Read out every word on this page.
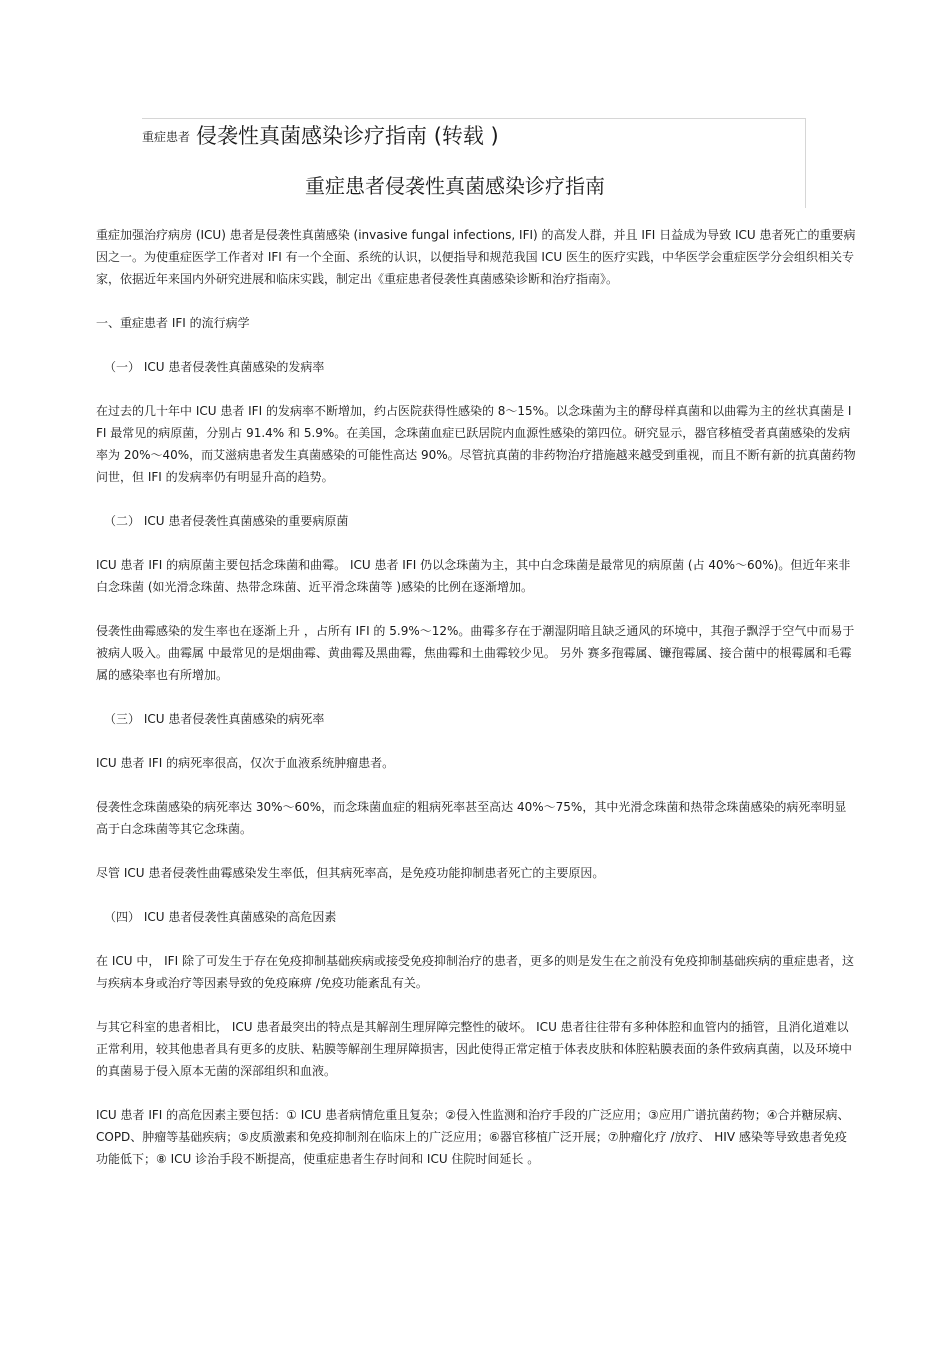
重症患者 侵袭性真菌感染诊疗指南 (转载 )
重症患者侵袭性真菌感染诊疗指南
重症加强治疗病房 (ICU) 患者是侵袭性真菌感染 (invasive fungal infections, IFI) 的高发人群，并且 IFI 日益成为导致 ICU 患者死亡的重要病因之一。为使重症医学工作者对 IFI 有一个全面、系统的认识，以便指导和规范我国 ICU 医生的医疗实践，中华医学会重症医学分会组织相关专家，依据近年来国内外研究进展和临床实践，制定出《重症患者侵袭性真菌感染诊断和治疗指南》。
一、重症患者 IFI 的流行病学
（一） ICU 患者侵袭性真菌感染的发病率
在过去的几十年中 ICU 患者 IFI 的发病率不断增加，约占医院获得性感染的 8～15%。以念珠菌为主的酵母样真菌和以曲霉为主的丝状真菌是 IFI 最常见的病原菌，分别占 91.4% 和 5.9%。在美国，念珠菌血症已跃居院内血源性感染的第四位。研究显示，器官移植受者真菌感染的发病率为 20%～40%，而艾滋病患者发生真菌感染的可能性高达 90%。尽管抗真菌的非药物治疗措施越来越受到重视，而且不断有新的抗真菌药物问世，但 IFI 的发病率仍有明显升高的趋势。
（二） ICU 患者侵袭性真菌感染的重要病原菌
ICU 患者 IFI 的病原菌主要包括念珠菌和曲霉。 ICU 患者 IFI 仍以念珠菌为主，其中白念珠菌是最常见的病原菌 (占 40%～60%)。但近年来非白念珠菌 (如光滑念珠菌、热带念珠菌、近平滑念珠菌等 )感染的比例在逐渐增加。
侵袭性曲霉感染的发生率也在逐渐上升 ，占所有 IFI 的 5.9%～12%。曲霉多存在于潮湿阴暗且缺乏通风的环境中，其孢子飘浮于空气中而易于被病人吸入。曲霉属 中最常见的是烟曲霉、黄曲霉及黑曲霉，焦曲霉和土曲霉较少见。 另外 赛多孢霉属、镰孢霉属、接合菌中的根霉属和毛霉属的感染率也有所增加。
（三） ICU 患者侵袭性真菌感染的病死率
ICU 患者 IFI 的病死率很高，仅次于血液系统肿瘤患者。
侵袭性念珠菌感染的病死率达 30%～60%，而念珠菌血症的粗病死率甚至高达 40%～75%，其中光滑念珠菌和热带念珠菌感染的病死率明显高于白念珠菌等其它念珠菌。
尽管 ICU 患者侵袭性曲霉感染发生率低，但其病死率高，是免疫功能抑制患者死亡的主要原因。
（四） ICU 患者侵袭性真菌感染的高危因素
在 ICU 中， IFI 除了可发生于存在免疫抑制基础疾病或接受免疫抑制治疗的患者，更多的则是发生在之前没有免疫抑制基础疾病的重症患者，这与疾病本身或治疗等因素导致的免疫麻痹 /免疫功能紊乱有关。
与其它科室的患者相比， ICU 患者最突出的特点是其解剖生理屏障完整性的破坏。 ICU 患者往往带有多种体腔和血管内的插管，且消化道难以正常利用，较其他患者具有更多的皮肤、粘膜等解剖生理屏障损害，因此使得正常定植于体表皮肤和体腔粘膜表面的条件致病真菌，以及环境中的真菌易于侵入原本无菌的深部组织和血液。
ICU 患者 IFI 的高危因素主要包括：① ICU 患者病情危重且复杂；②侵入性监测和治疗手段的广泛应用；③应用广谱抗菌药物；④合并糖尿病、 COPD、肿瘤等基础疾病；⑤皮质激素和免疫抑制剂在临床上的广泛应用；⑥器官移植广泛开展；⑦肿瘤化疗 /放疗、 HIV 感染等导致患者免疫功能低下；⑧ ICU 诊治手段不断提高，使重症患者生存时间和 ICU 住院时间延长 。
